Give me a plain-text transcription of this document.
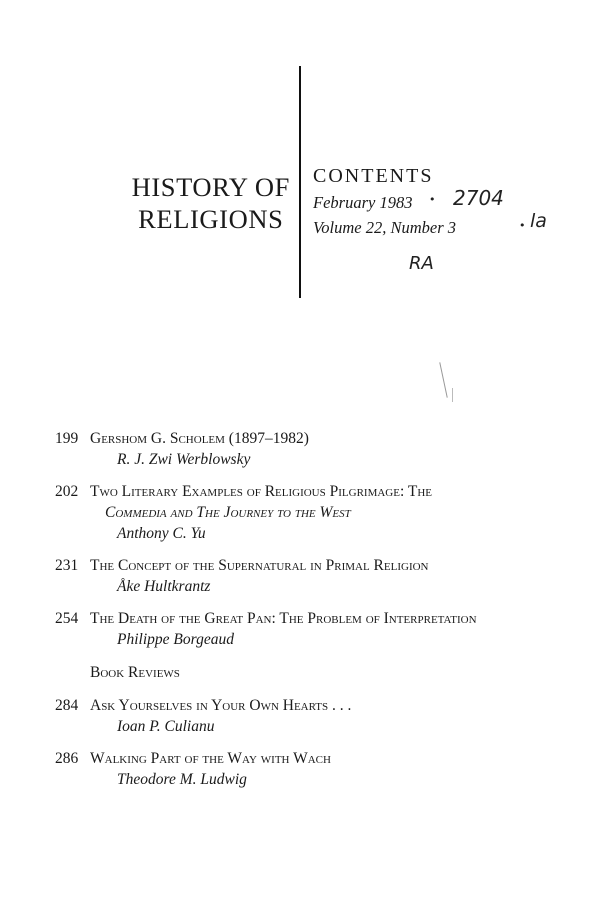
HISTORY OF
RELIGIONS
CONTENTS
February 1983
Volume 22, Number 3
• 2704
• la
RA
199 Gershom G. Scholem (1897–1982)
R. J. Zwi Werblowsky
202 Two Literary Examples of Religious Pilgrimage: The
Commedia and The Journey to the West
Anthony C. Yu
231 The Concept of the Supernatural in Primal Religion
Åke Hultkrantz
254 The Death of the Great Pan: The Problem of Interpretation
Philippe Borgeaud
Book Reviews
284 Ask Yourselves in Your Own Hearts . . .
Ioan P. Culianu
286 Walking Part of the Way with Wach
Theodore M. Ludwig
